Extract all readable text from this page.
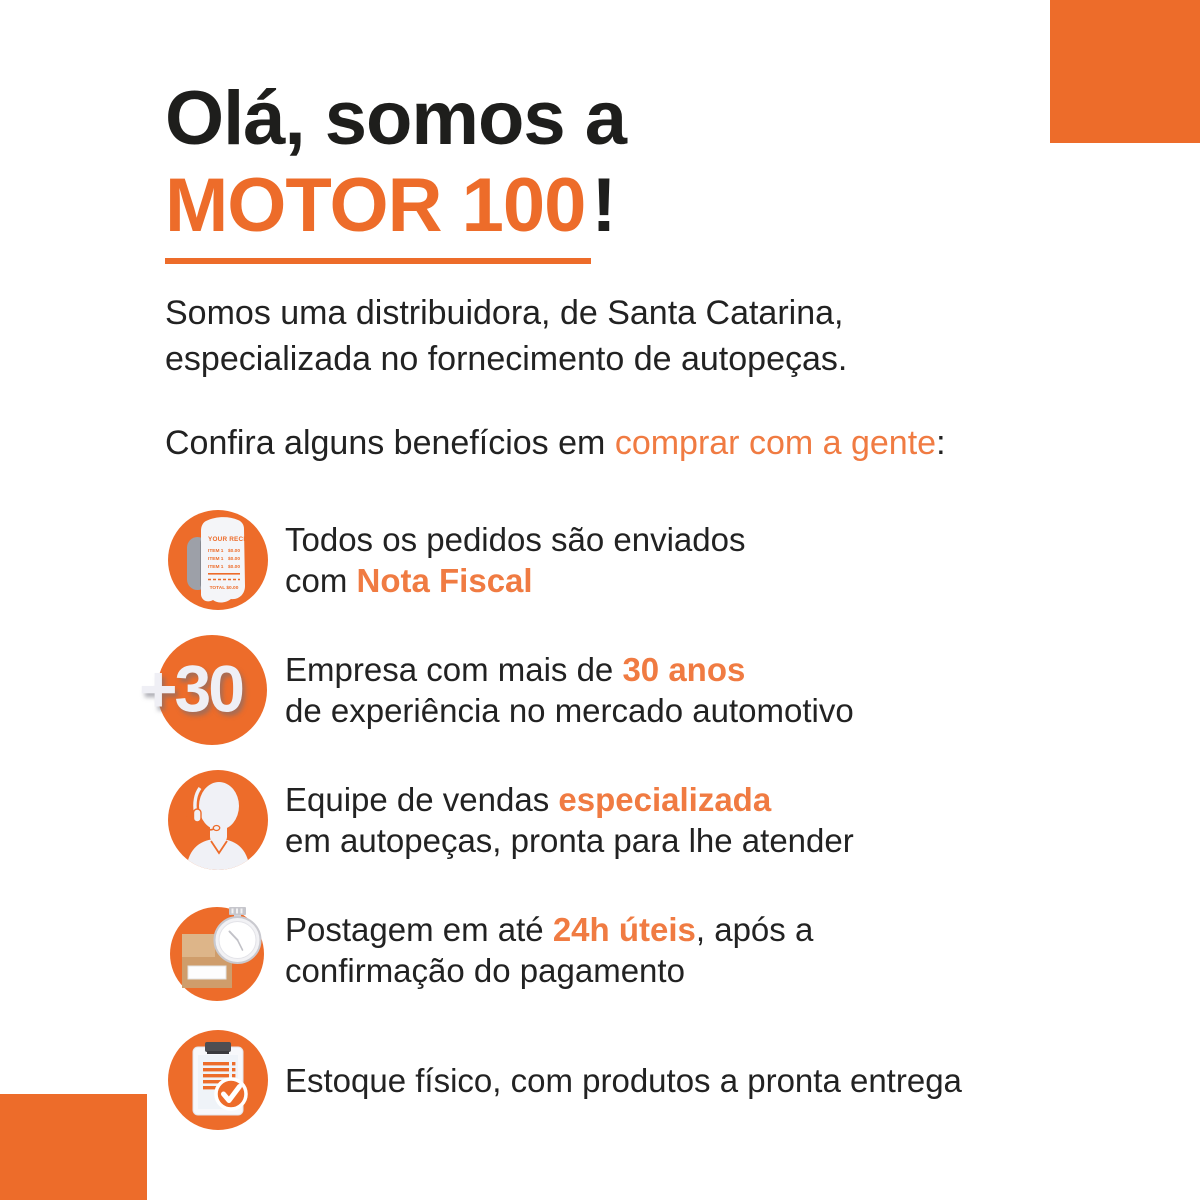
Olá, somos a
MOTOR 100!
Somos uma distribuidora, de Santa Catarina,
especializada no fornecimento de autopeças.
Confira alguns benefícios em comprar com a gente:
YOUR RECEIPT
ITEM 1 $0.00
ITEM 1 $0.00
ITEM 1 $0.00
TOTAL $0.00
Todos os pedidos são enviados
com Nota Fiscal
+30 Empresa com mais de 30 anos
de experiência no mercado automotivo
Equipe de vendas especializada
em autopeças, pronta para lhe atender
Postagem em até 24h úteis, após a
confirmação do pagamento
Estoque físico, com produtos a pronta entrega
